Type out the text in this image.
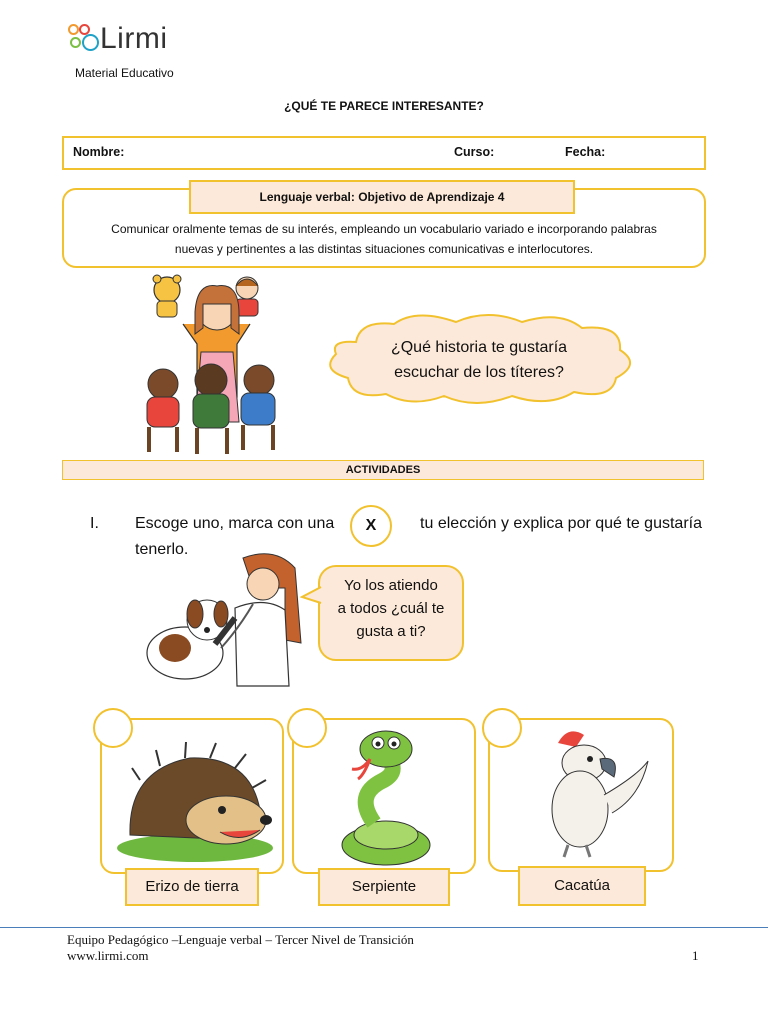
Lirmi
Material Educativo
¿QUÉ TE PARECE INTERESANTE?
Nombre:	Curso:	Fecha:
Comunicar oralmente temas de su interés, empleando un vocabulario variado e incorporando palabras
nuevas y pertinentes a las distintas situaciones comunicativas e interlocutores.
Lenguaje verbal: Objetivo de Aprendizaje 4
¿Qué historia te gustaría
escuchar de los títeres?
ACTIVIDADES
I. Escoge uno, marca con una	X	tu elección y explica por qué te gustaría
tenerlo.
Yo los atiendo
a todos ¿cuál te
gusta a ti?
Erizo de tierra	Serpiente	Cacatúa
Equipo Pedagógico –Lenguaje verbal – Tercer Nivel de Transición
www.lirmi.com	1
